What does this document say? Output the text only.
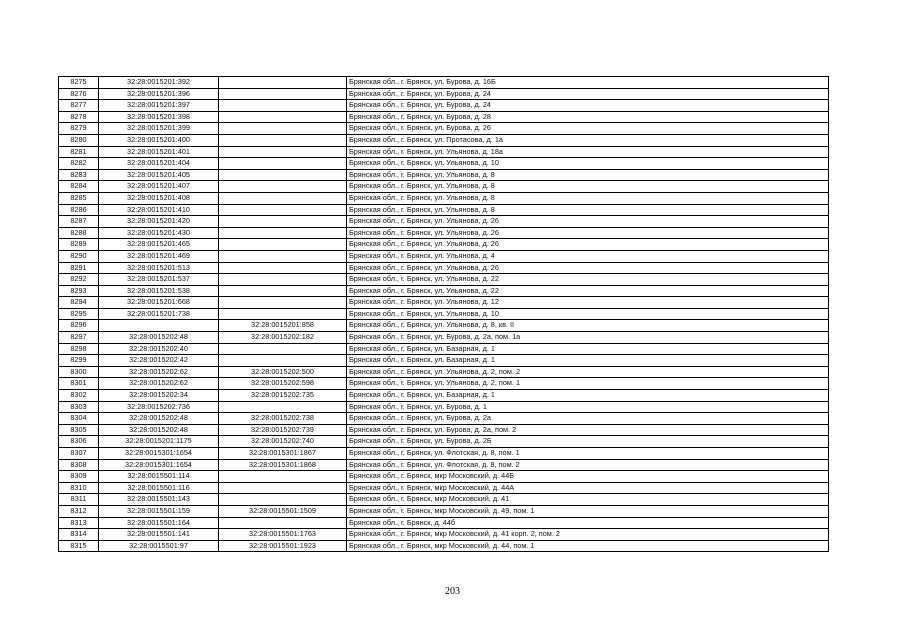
8275	32:28:0015201:392		Брянская обл., г. Брянск, ул. Бурова, д. 16Б
8276	32:28:0015201:396		Брянская обл., г. Брянск, ул. Бурова, д. 24
8277	32:28:0015201:397		Брянская обл., г. Брянск, ул. Бурова, д. 24
8278	32:28:0015201:398		Брянская обл., г. Брянск, ул. Бурова, д. 28
8279	32:28:0015201:399		Брянская обл., г. Брянск, ул. Бурова, д. 26
8280	32:28:0015201:400		Брянская обл., г. Брянск, ул. Протасова, д. 1а
8281	32:28:0015201:401		Брянская обл., г. Брянск, ул. Ульянова, д. 18а
8282	32:28:0015201:404		Брянская обл., г. Брянск, ул. Ульянова, д. 10
8283	32:28:0015201:405		Брянская обл., г. Брянск, ул. Ульянова, д. 8
8284	32:28:0015201:407		Брянская обл., г. Брянск, ул. Ульянова, д. 8
8285	32:28:0015201:408		Брянская обл., г. Брянск, ул. Ульянова, д. 8
8286	32:28:0015201:410		Брянская обл., г. Брянск, ул. Ульянова, д. 8
8287	32:28:0015201:420		Брянская обл., г. Брянск, ул. Ульянова, д. 26
8288	32:28:0015201:430		Брянская обл., г. Брянск, ул. Ульянова, д. 26
8289	32:28:0015201:465		Брянская обл., г. Брянск, ул. Ульянова, д. 26
8290	32:28:0015201:469		Брянская обл., г. Брянск, ул. Ульянова, д. 4
8291	32:28:0015201:513		Брянская обл., г. Брянск, ул. Ульянова, д. 26
8292	32:28:0015201:537		Брянская обл., г. Брянск, ул. Ульянова, д. 22
8293	32:28:0015201:538		Брянская обл., г. Брянск, ул. Ульянова, д. 22
8294	32:28:0015201:668		Брянская обл., г. Брянск, ул. Ульянова, д. 12
8295	32:28:0015201:738		Брянская обл., г. Брянск, ул. Ульянова, д. 10
8296		32:28:0015201:858	Брянская обл., г. Брянск, ул. Ульянова, д. 8, кв. II
8297	32:28:0015202:48	32:28:0015202:182	Брянская обл., г. Брянск, ул. Бурова, д. 2а, пом. 1а
8298	32:28:0015202:40		Брянская обл., г. Брянск, ул. Базарная, д. 1
8299	32:28:0015202:42		Брянская обл., г. Брянск, ул. Базарная, д. 1
8300	32:28:0015202:62	32:28:0015202:500	Брянская обл., г. Брянск, ул. Ульянова, д. 2, пом. 2
8301	32:28:0015202:62	32:28:0015202:598	Брянская обл., г. Брянск, ул. Ульянова, д. 2, пом. 1
8302	32:28:0015202:34	32:28:0015202:735	Брянская обл., г. Брянск, ул. Базарная, д. 1
8303	32:28:0015202:736		Брянская обл., г. Брянск, ул. Бурова, д. 1
8304	32:28:0015202:48	32:28:0015202:738	Брянская обл., г. Брянск, ул. Бурова, д. 2а
8305	32:28:0015202:48	32:28:0015202:739	Брянская обл., г. Брянск, ул. Бурова, д. 2а, пом. 2
8306	32:28:0015201:1175	32:28:0015202:740	Брянская обл., г. Брянск, ул. Бурова, д. 2Б
8307	32:28:0015301:1654	32:28:0015301:1867	Брянская обл., г. Брянск, ул. Флотская, д. 8, пом. 1
8308	32:28:0015301:1654	32:28:0015301:1868	Брянская обл., г. Брянск, ул. Флотская, д. 8, пом. 2
8309	32:28:0015501:114		Брянская обл., г. Брянск, мкр Московский, д. 44Б
8310	32:28:0015501:116		Брянская обл., г. Брянск, мкр Московский, д. 44А
8311	32:28:0015501:143		Брянская обл., г. Брянск, мкр Московский, д. 41
8312	32:28:0015501:159	32:28:0015501:1509	Брянская обл., г. Брянск, мкр Московский, д. 49, пом. 1
8313	32:28:0015501:164		Брянская обл., г. Брянск, д. 44б
8314	32:28:0015501:141	32:28:0015501:1763	Брянская обл., г. Брянск, мкр Московский, д. 41 корп. 2, пом. 2
8315	32:28:0015501:97	32:28:0015501:1923	Брянская обл., г. Брянск, мкр Московский, д. 44, пом. 1
203
